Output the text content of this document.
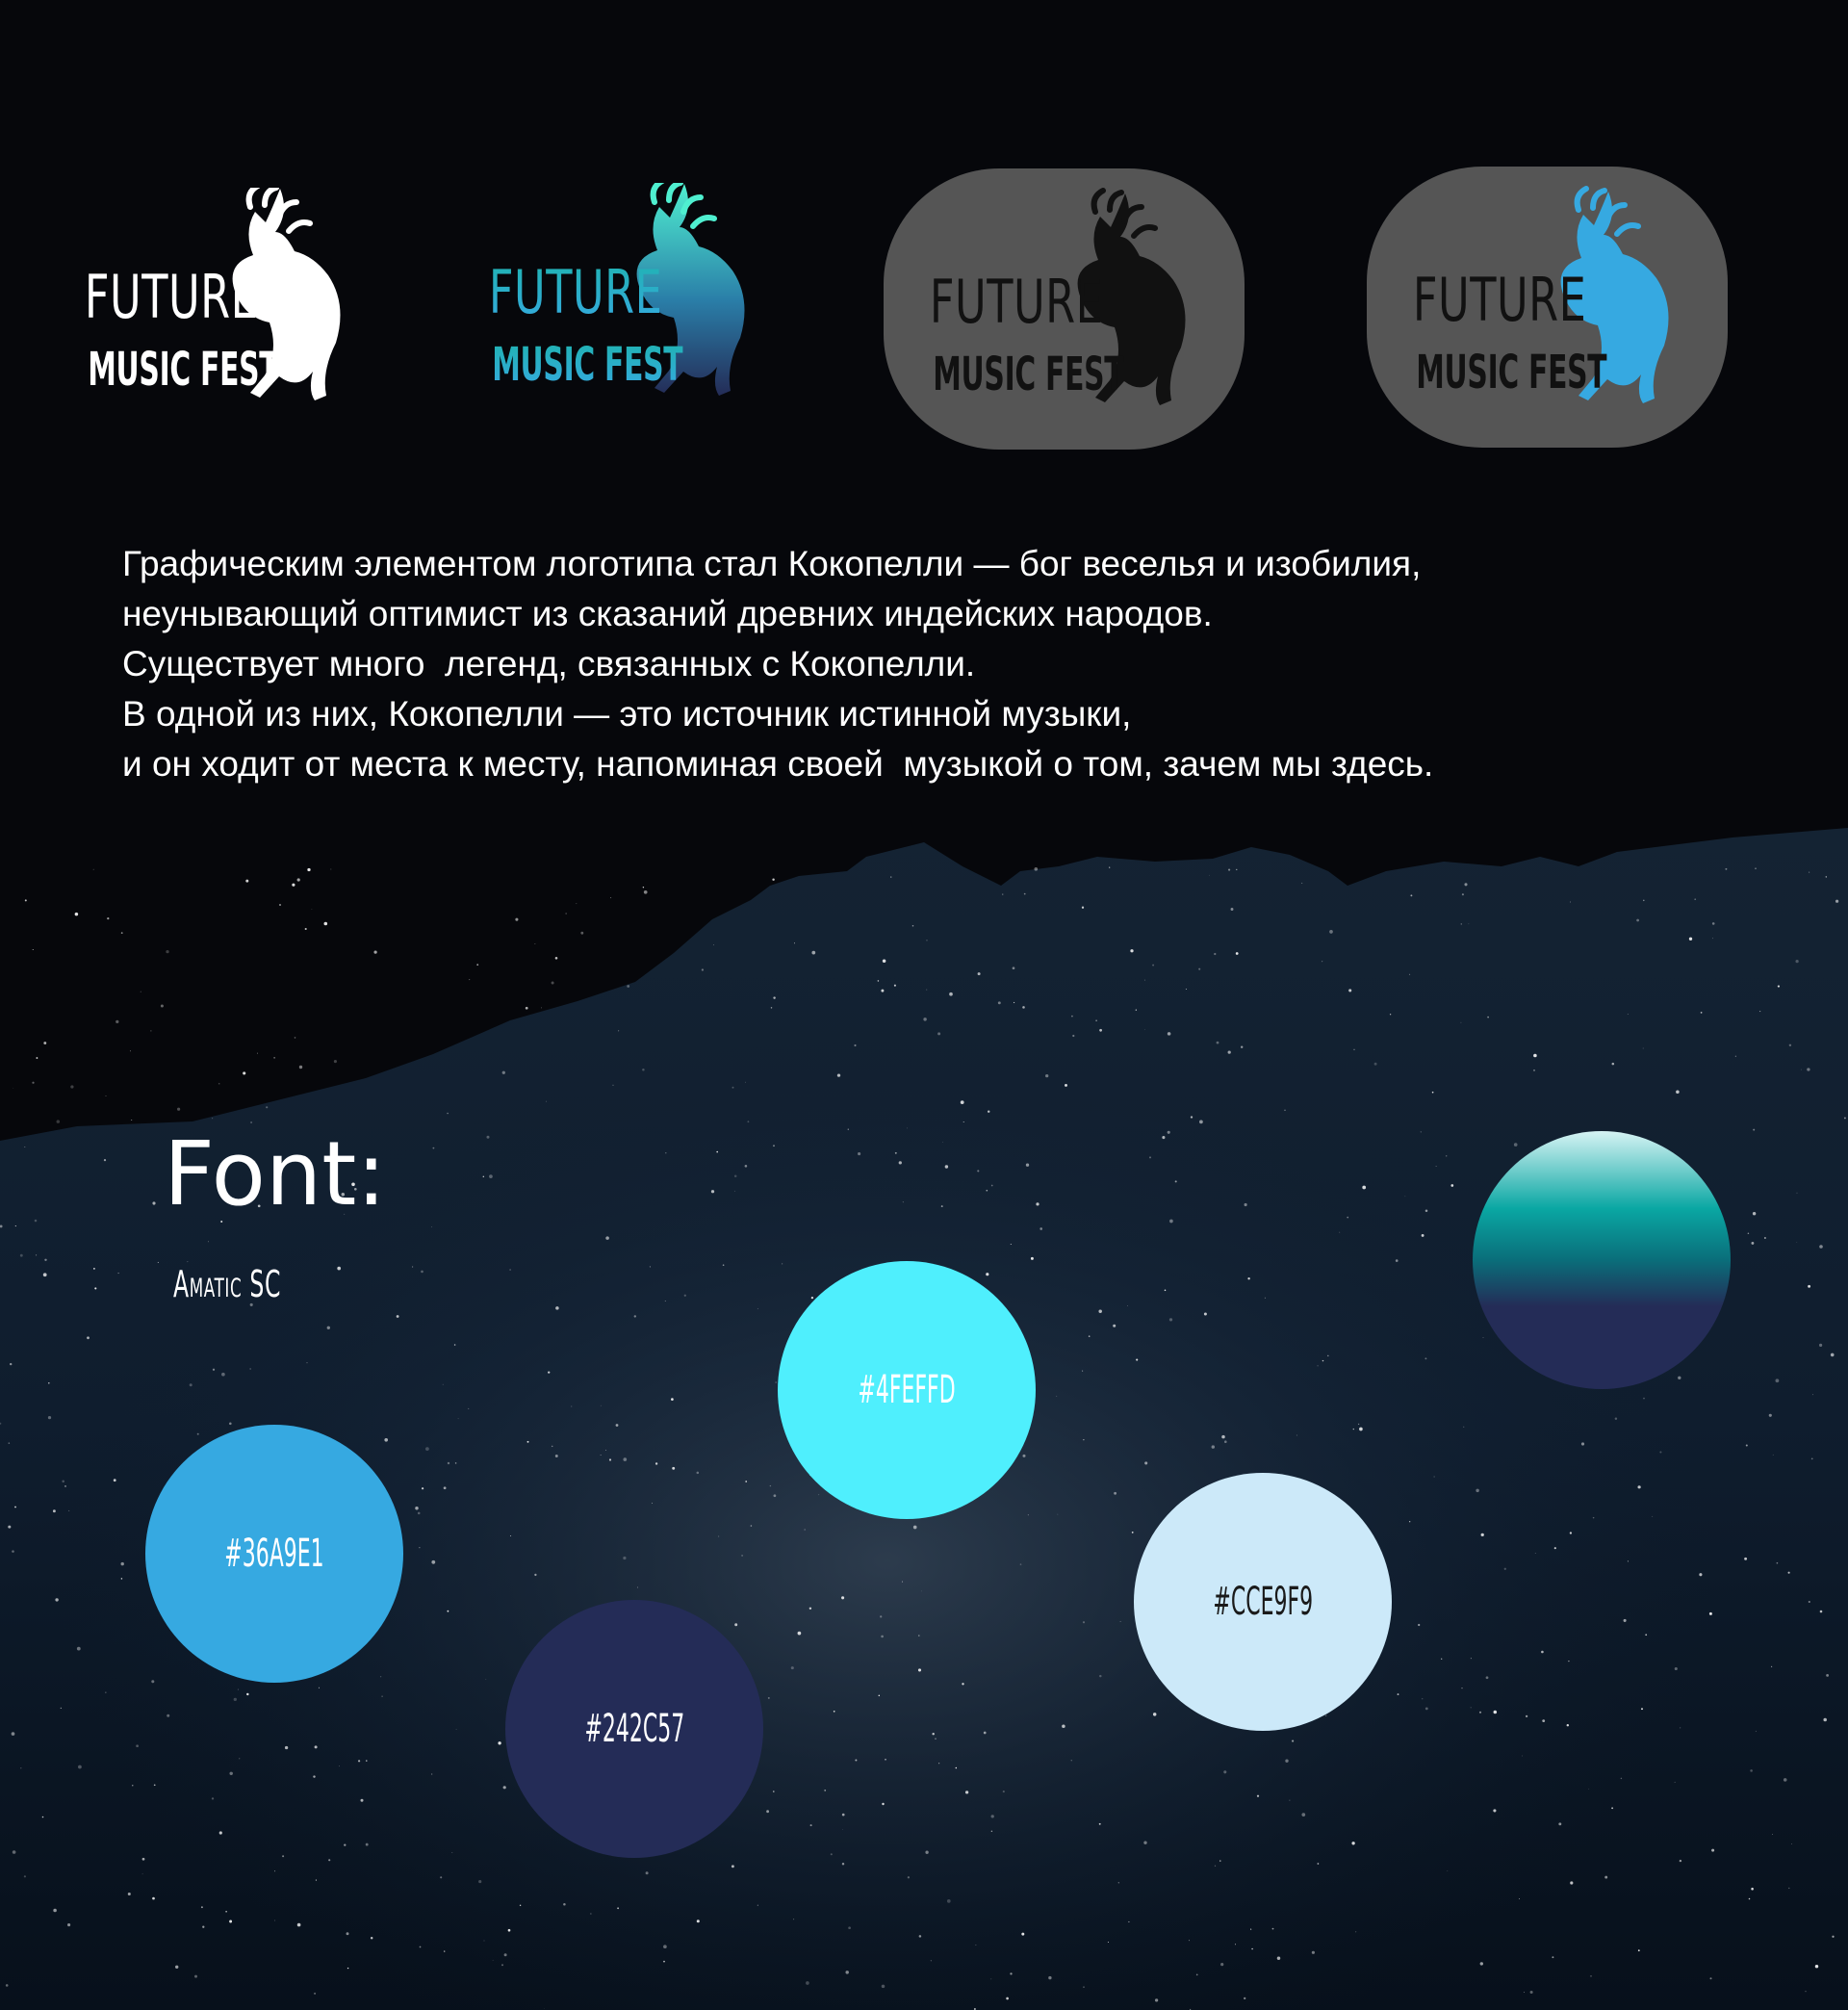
FUTURE
MUSIC FEST
FUTURE
MUSIC FEST
FUTURE
MUSIC FEST
FUTURE
MUSIC FEST

Графическим элементом логотипа стал Кокопелли — бог веселья и изобилия,

неунывающий оптимист из сказаний древних индейских народов.

Существует много  легенд, связанных с Кокопелли.

В одной из них, Кокопелли — это источник истинной музыки,

и он ходит от места к месту, напоминая своей  музыкой о том, зачем мы здесь.

Font:
Amatic SC
#4FEFFD
#36A9E1
#242C57
#CCE9F9
